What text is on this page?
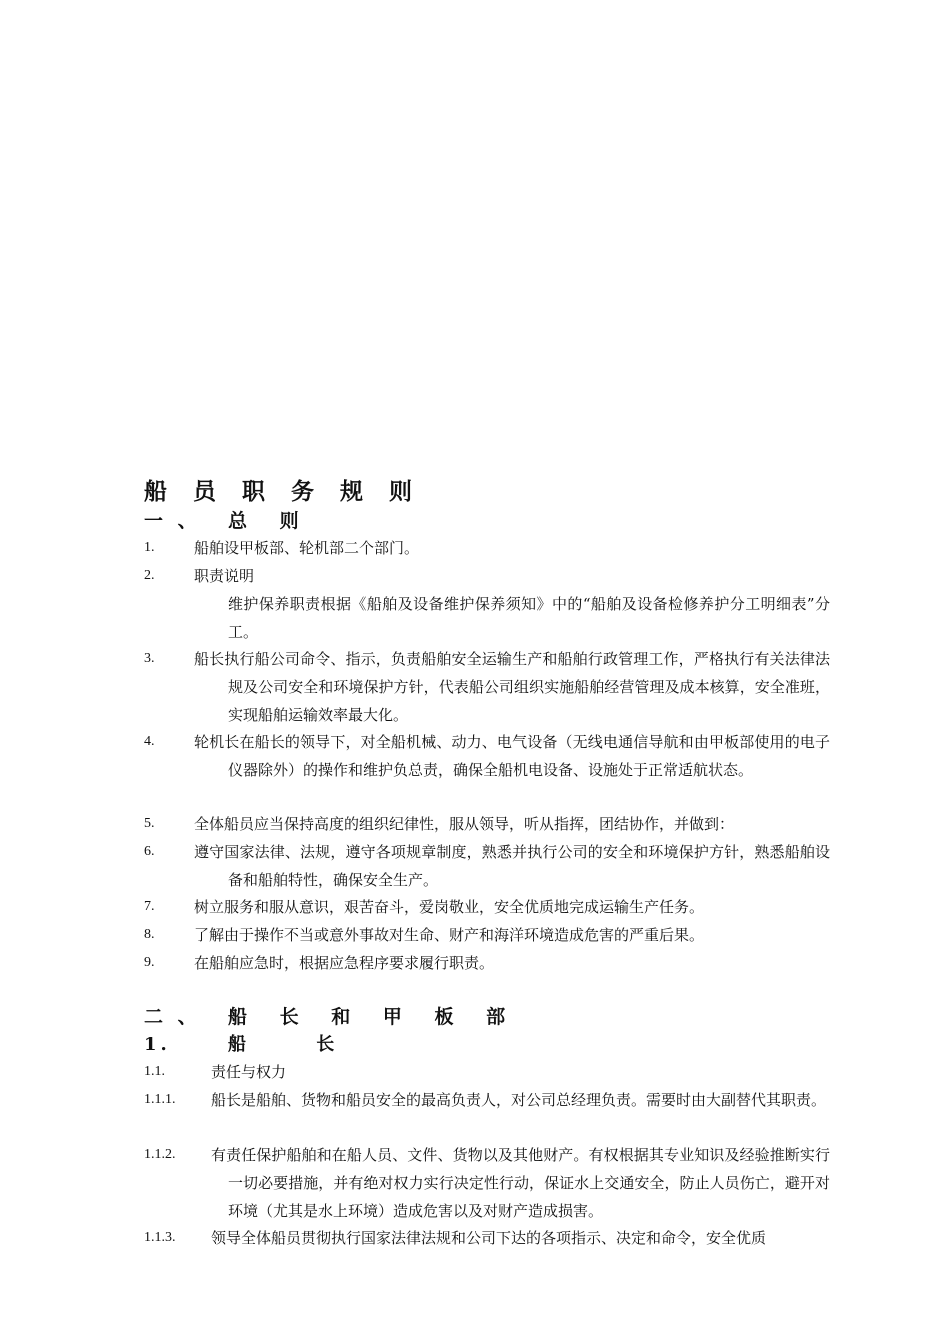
船 员 职 务 规 则
一 、 总 则
1.	船舶设甲板部、轮机部二个部门。
2.	职责说明
维护保养职责根据《船舶及设备维护保养须知》中的“船舶及设备检修养护分工明细表”分工。
3.	船长执行船公司命令、指示，负责船舶安全运输生产和船舶行政管理工作，严格执行有关法律法规及公司安全和环境保护方针，代表船公司组织实施船舶经营管理及成本核算，安全准班，实现船舶运输效率最大化。
4.	轮机长在船长的领导下，对全船机械、动力、电气设备（无线电通信导航和由甲板部使用的电子仪器除外）的操作和维护负总责，确保全船机电设备、设施处于正常适航状态。
5.	全体船员应当保持高度的组织纪律性，服从领导，听从指挥，团结协作，并做到：
6.	遵守国家法律、法规，遵守各项规章制度，熟悉并执行公司的安全和环境保护方针，熟悉船舶设备和船舶特性，确保安全生产。
7.	树立服务和服从意识，艰苦奋斗，爱岗敬业，安全优质地完成运输生产任务。
8.	了解由于操作不当或意外事故对生命、财产和海洋环境造成危害的严重后果。
9.	在船舶应急时，根据应急程序要求履行职责。
二 、 船 长 和 甲 板 部
1.	船 长
1.1.	责任与权力
1.1.1. 船长是船舶、货物和船员安全的最高负责人，对公司总经理负责。需要时由大副替代其职责。
1.1.2. 有责任保护船舶和在船人员、文件、货物以及其他财产。有权根据其专业知识及经验推断实行一切必要措施，并有绝对权力实行决定性行动，保证水上交通安全，防止人员伤亡，避开对环境（尤其是水上环境）造成危害以及对财产造成损害。
1.1.3. 领导全体船员贯彻执行国家法律法规和公司下达的各项指示、决定和命令，安全优质
